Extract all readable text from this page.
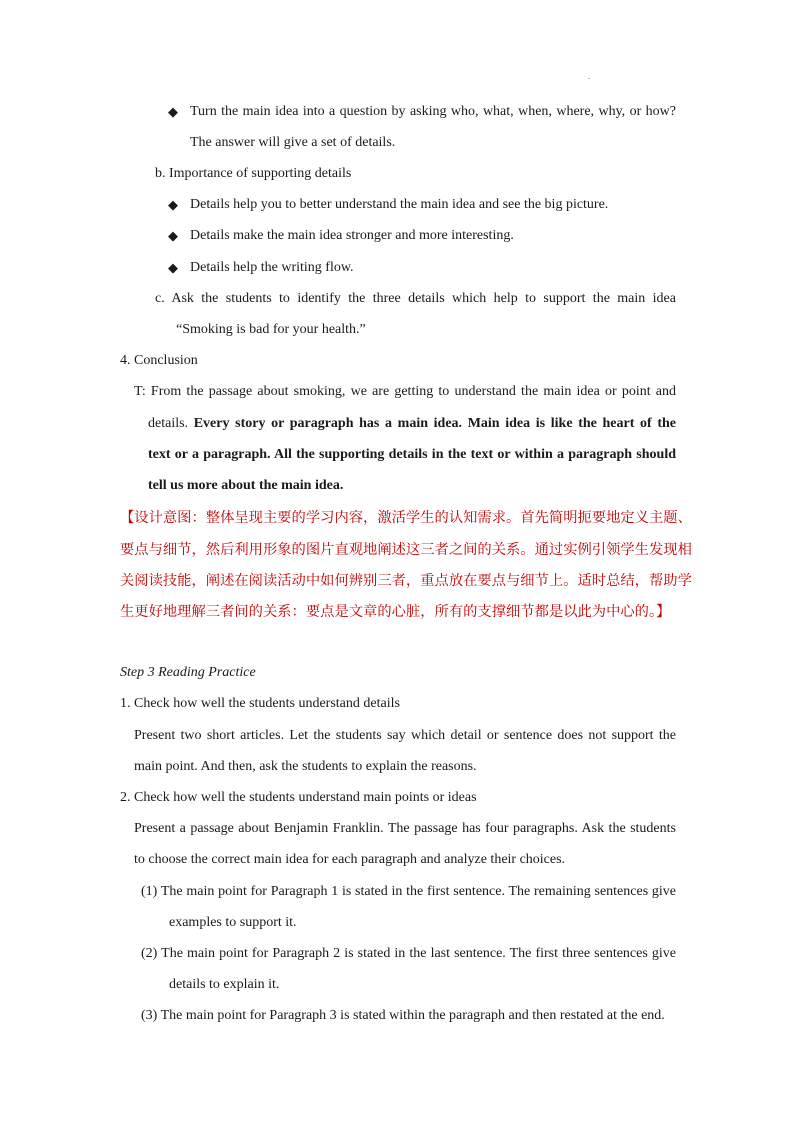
◆ Turn the main idea into a question by asking who, what, when, where, why, or how?
The answer will give a set of details.
b. Importance of supporting details
◆ Details help you to better understand the main idea and see the big picture.
◆ Details make the main idea stronger and more interesting.
◆ Details help the writing flow.
c. Ask the students to identify the three details which help to support the main idea
“Smoking is bad for your health.”
4. Conclusion
T: From the passage about smoking, we are getting to understand the main idea or point and
details. Every story or paragraph has a main idea. Main idea is like the heart of the
text or a paragraph. All the supporting details in the text or within a paragraph should
tell us more about the main idea.
【设计意图：整体呈现主要的学习内容，激活学生的认知需求。首先简明扼要地定义主题、
要点与细节，然后利用形象的图片直观地阐述这三者之间的关系。通过实例引领学生发现相
关阅读技能，阐述在阅读活动中如何辨别三者，重点放在要点与细节上。适时总结，帮助学
生更好地理解三者间的关系：要点是文章的心脏，所有的支撑细节都是以此为中心的。】
Step 3 Reading Practice
1. Check how well the students understand details
Present two short articles. Let the students say which detail or sentence does not support the
main point. And then, ask the students to explain the reasons.
2. Check how well the students understand main points or ideas
Present a passage about Benjamin Franklin. The passage has four paragraphs. Ask the students
to choose the correct main idea for each paragraph and analyze their choices.
(1) The main point for Paragraph 1 is stated in the first sentence. The remaining sentences give
examples to support it.
(2) The main point for Paragraph 2 is stated in the last sentence. The first three sentences give
details to explain it.
(3) The main point for Paragraph 3 is stated within the paragraph and then restated at the end.
